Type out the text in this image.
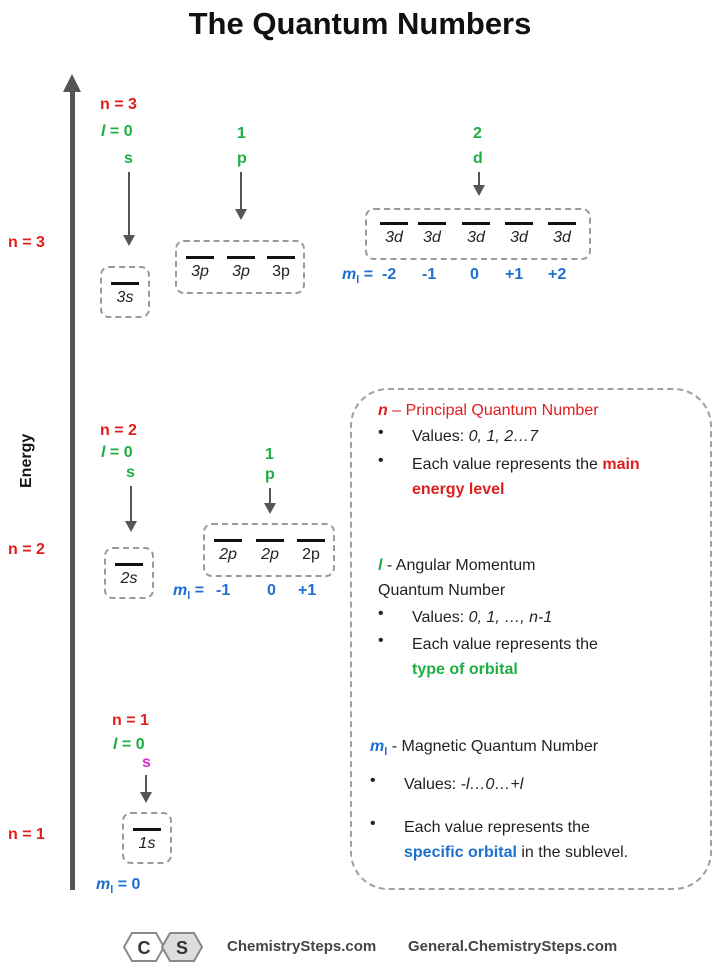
The Quantum Numbers
Energy
n = 3
n = 2
n = 1
n = 3
l = 0
s
3s
1
p
3p	3p	3p
2
d
3d	3d	3d	3d	3d
$m_l = -2$ -1 0 +1 +2
n = 2
l = 0
s
2s
1
p
2p	2p	2p
$m_l = -1$ 0 +1
n = 1
l = 0
s
1s
$m_l = 0$
n – Principal Quantum Number
• Values: 0, 1, 2…7
• Each value represents the main
energy level
l - Angular Momentum
Quantum Number
• Values: 0, 1, …, n-1
• Each value represents the
type of orbital
$m_l$ - Magnetic Quantum Number
• Values: -l…0…+l
• Each value represents the
specific orbital in the sublevel.
C S	ChemistrySteps.com General.ChemistrySteps.com
